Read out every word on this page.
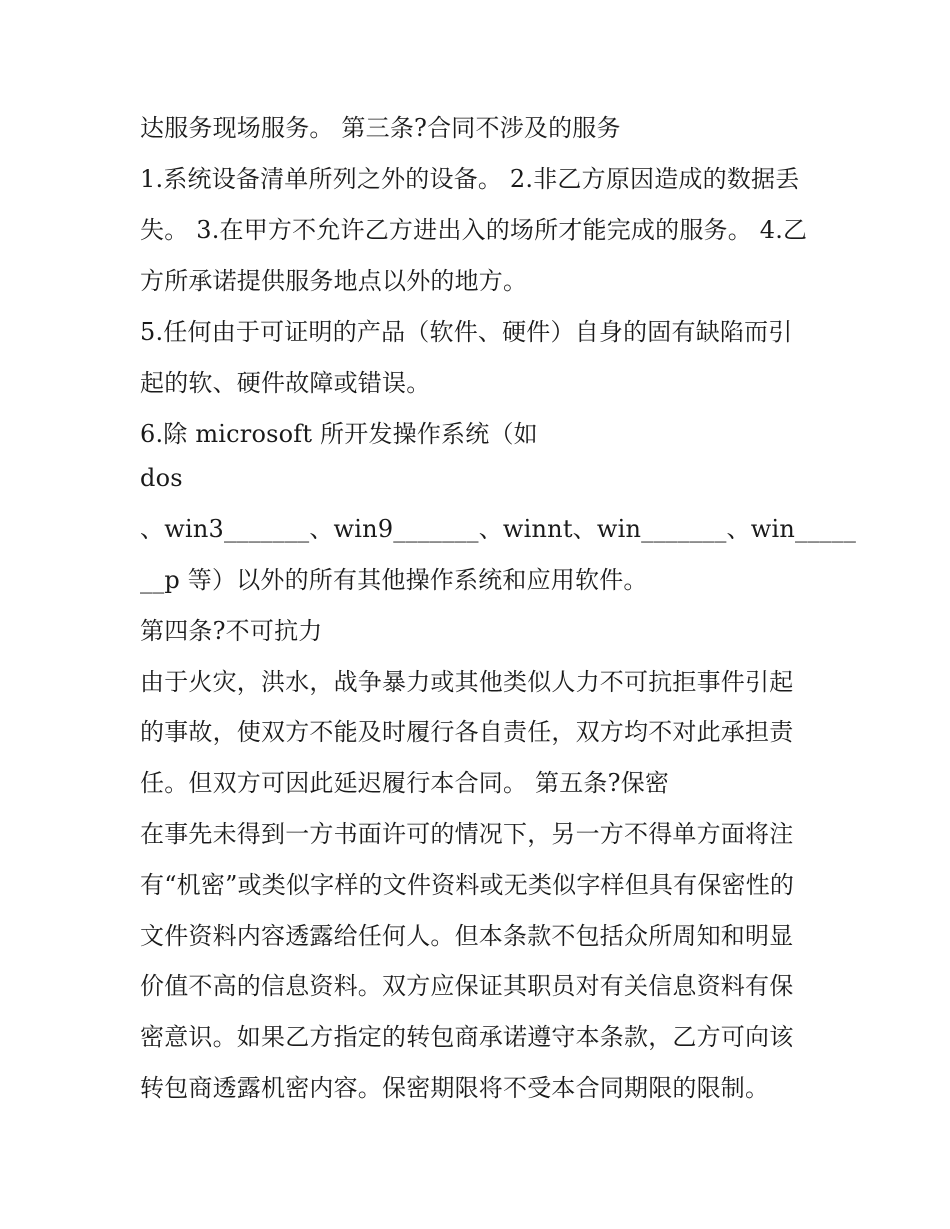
达服务现场服务。 第三条?合同不涉及的服务
1.系统设备清单所列之外的设备。 2.非乙方原因造成的数据丢
失。 3.在甲方不允许乙方进出入的场所才能完成的服务。 4.乙
方所承诺提供服务地点以外的地方。
5.任何由于可证明的产品（软件、硬件）自身的固有缺陷而引
起的软、硬件故障或错误。
6.除 microsoft 所开发操作系统（如
dos
、win3_______、win9_______、winnt、win_______、win_____
__p 等）以外的所有其他操作系统和应用软件。
第四条?不可抗力
由于火灾，洪水，战争暴力或其他类似人力不可抗拒事件引起
的事故，使双方不能及时履行各自责任，双方均不对此承担责
任。但双方可因此延迟履行本合同。 第五条?保密
在事先未得到一方书面许可的情况下，另一方不得单方面将注
有“机密”或类似字样的文件资料或无类似字样但具有保密性的
文件资料内容透露给任何人。但本条款不包括众所周知和明显
价值不高的信息资料。双方应保证其职员对有关信息资料有保
密意识。如果乙方指定的转包商承诺遵守本条款，乙方可向该
转包商透露机密内容。保密期限将不受本合同期限的限制。
